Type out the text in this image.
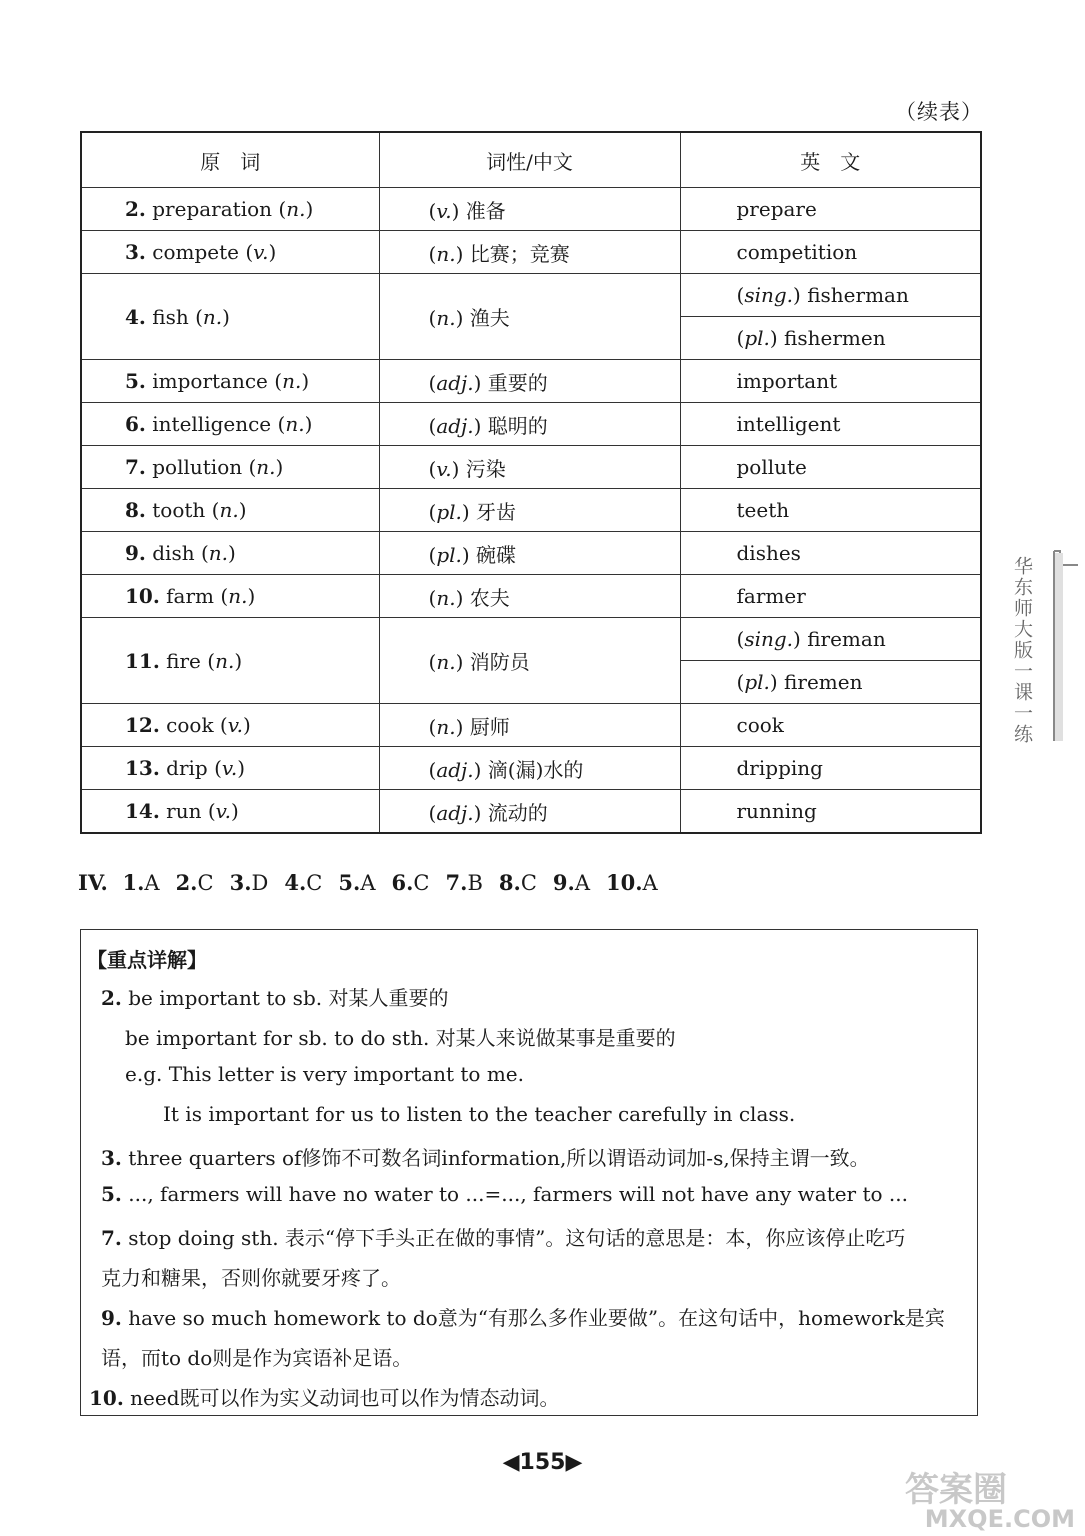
（续表）
原　词	词性/中文	英　文
2. preparation (n.)	(v.) 准备	prepare
3. compete (v.)	(n.) 比赛；竞赛	competition
4. fish (n.)	(n.) 渔夫	(sing.) fisherman
		(pl.) fishermen
5. importance (n.)	(adj.) 重要的	important
6. intelligence (n.)	(adj.) 聪明的	intelligent
7. pollution (n.)	(v.) 污染	pollute
8. tooth (n.)	(pl.) 牙齿	teeth
9. dish (n.)	(pl.) 碗碟	dishes
10. farm (n.)	(n.) 农夫	farmer
11. fire (n.)	(n.) 消防员	(sing.) fireman
		(pl.) firemen
12. cook (v.)	(n.) 厨师	cook
13. drip (v.)	(adj.) 滴(漏)水的	dripping
14. run (v.)	(adj.) 流动的	running
IV. 1.A 2.C 3.D 4.C 5.A 6.C 7.B 8.C 9.A 10.A
【重点详解】
2. be important to sb. 对某人重要的
be important for sb. to do sth. 对某人来说做某事是重要的
e.g. This letter is very important to me.
It is important for us to listen to the teacher carefully in class.
3. three quarters of修饰不可数名词information,所以谓语动词加-s,保持主谓一致。
5. ..., farmers will have no water to ...=..., farmers will not have any water to ...
7. stop doing sth. 表示“停下手头正在做的事情”。这句话的意思是：本，你应该停止吃巧
克力和糖果，否则你就要牙疼了。
9. have so much homework to do意为“有那么多作业要做”。在这句话中，homework是宾
语，而to do则是作为宾语补足语。
10. need既可以作为实义动词也可以作为情态动词。
华东师大版一课一练
◀155▶
答案圈
MXQE.COM
